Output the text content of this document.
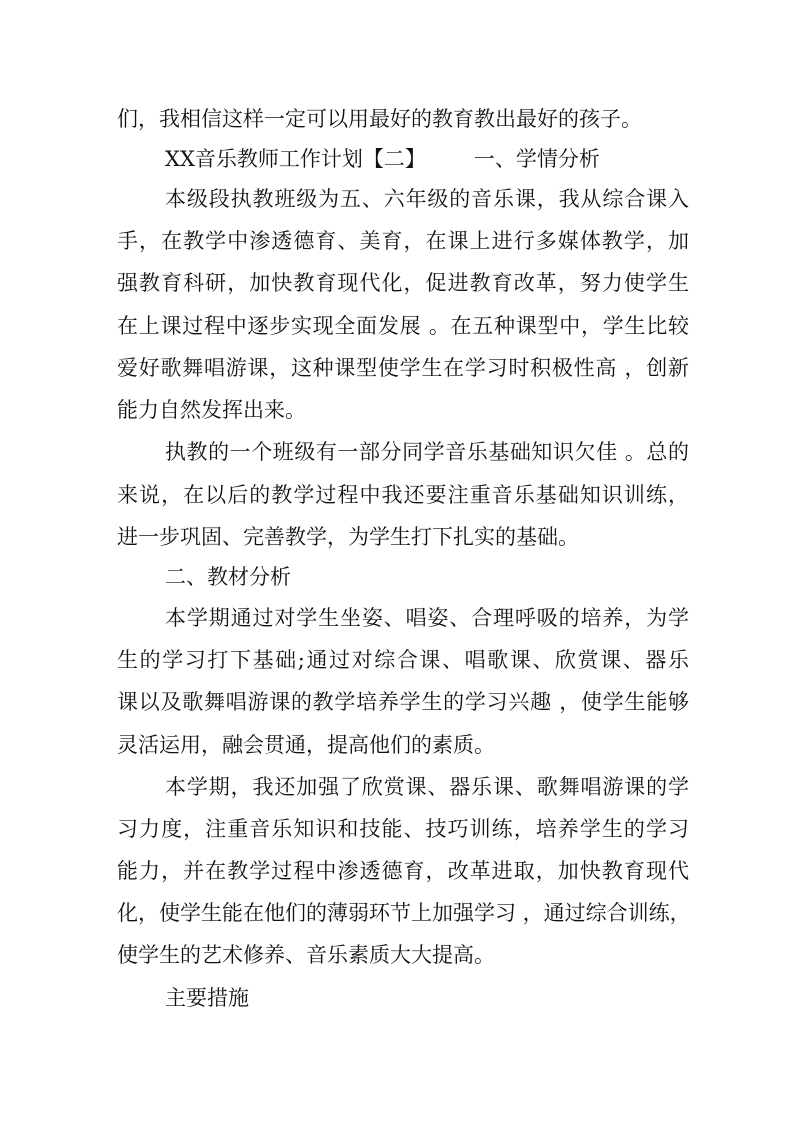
们，我相信这样一定可以用最好的教育教出最好的孩子。
XX音乐教师工作计划【二】 一、学情分析
本级段执教班级为五、六年级的音乐课，我从综合课入
手，在教学中渗透德育、美育，在课上进行多媒体教学，加
强教育科研，加快教育现代化，促进教育改革，努力使学生
在上课过程中逐步实现全面发展 。在五种课型中，学生比较
爱好歌舞唱游课，这种课型使学生在学习时积极性高 ，创新
能力自然发挥出来。
执教的一个班级有一部分同学音乐基础知识欠佳 。总的
来说，在以后的教学过程中我还要注重音乐基础知识训练，
进一步巩固、完善教学，为学生打下扎实的基础。
二、教材分析
本学期通过对学生坐姿、唱姿、合理呼吸的培养，为学
生的学习打下基础;通过对综合课、唱歌课、欣赏课、器乐
课以及歌舞唱游课的教学培养学生的学习兴趣 ，使学生能够
灵活运用，融会贯通，提高他们的素质。
本学期，我还加强了欣赏课、器乐课、歌舞唱游课的学
习力度，注重音乐知识和技能、技巧训练，培养学生的学习
能力，并在教学过程中渗透德育，改革进取，加快教育现代
化，使学生能在他们的薄弱环节上加强学习 ，通过综合训练，
使学生的艺术修养、音乐素质大大提高。
主要措施
